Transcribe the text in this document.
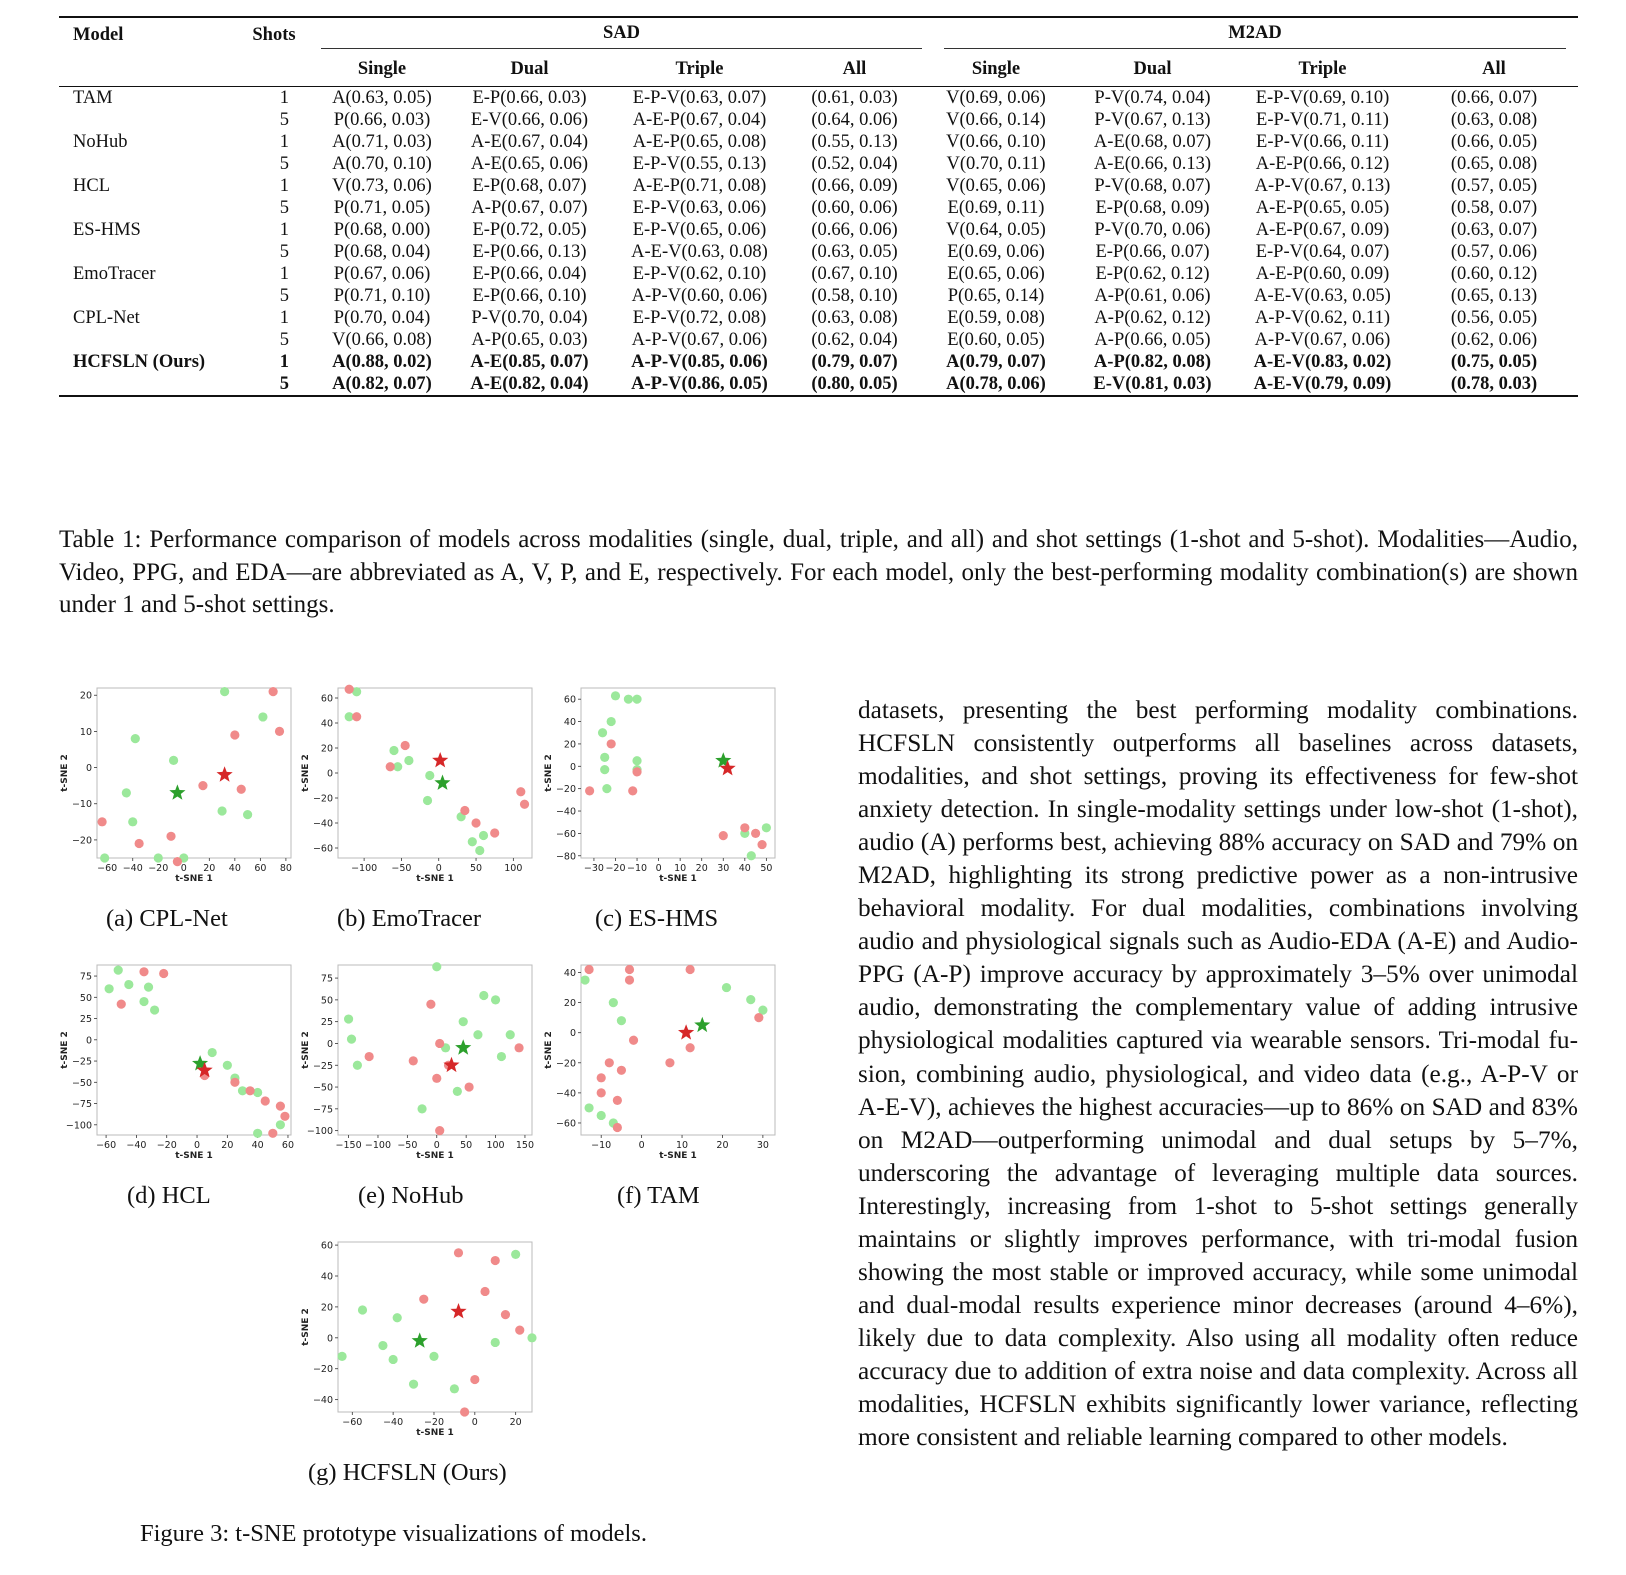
Model	Shots	SAD				M2AD			

		Single	Dual	Triple	All	Single	Dual	Triple	All
TAM	1	A(0.63, 0.05)	E-P(0.66, 0.03)	E-P-V(0.63, 0.07)	(0.61, 0.03)	V(0.69, 0.06)	P-V(0.74, 0.04)	E-P-V(0.69, 0.10)	(0.66, 0.07)
	5	P(0.66, 0.03)	E-V(0.66, 0.06)	A-E-P(0.67, 0.04)	(0.64, 0.06)	V(0.66, 0.14)	P-V(0.67, 0.13)	E-P-V(0.71, 0.11)	(0.63, 0.08)
NoHub	1	A(0.71, 0.03)	A-E(0.67, 0.04)	A-E-P(0.65, 0.08)	(0.55, 0.13)	V(0.66, 0.10)	A-E(0.68, 0.07)	E-P-V(0.66, 0.11)	(0.66, 0.05)
	5	A(0.70, 0.10)	A-E(0.65, 0.06)	E-P-V(0.55, 0.13)	(0.52, 0.04)	V(0.70, 0.11)	A-E(0.66, 0.13)	A-E-P(0.66, 0.12)	(0.65, 0.08)
HCL	1	V(0.73, 0.06)	E-P(0.68, 0.07)	A-E-P(0.71, 0.08)	(0.66, 0.09)	V(0.65, 0.06)	P-V(0.68, 0.07)	A-P-V(0.67, 0.13)	(0.57, 0.05)
	5	P(0.71, 0.05)	A-P(0.67, 0.07)	E-P-V(0.63, 0.06)	(0.60, 0.06)	E(0.69, 0.11)	E-P(0.68, 0.09)	A-E-P(0.65, 0.05)	(0.58, 0.07)
ES-HMS	1	P(0.68, 0.00)	E-P(0.72, 0.05)	E-P-V(0.65, 0.06)	(0.66, 0.06)	V(0.64, 0.05)	P-V(0.70, 0.06)	A-E-P(0.67, 0.09)	(0.63, 0.07)
	5	P(0.68, 0.04)	E-P(0.66, 0.13)	A-E-V(0.63, 0.08)	(0.63, 0.05)	E(0.69, 0.06)	E-P(0.66, 0.07)	E-P-V(0.64, 0.07)	(0.57, 0.06)
EmoTracer	1	P(0.67, 0.06)	E-P(0.66, 0.04)	E-P-V(0.62, 0.10)	(0.67, 0.10)	E(0.65, 0.06)	E-P(0.62, 0.12)	A-E-P(0.60, 0.09)	(0.60, 0.12)
	5	P(0.71, 0.10)	E-P(0.66, 0.10)	A-P-V(0.60, 0.06)	(0.58, 0.10)	P(0.65, 0.14)	A-P(0.61, 0.06)	A-E-V(0.63, 0.05)	(0.65, 0.13)
CPL-Net	1	P(0.70, 0.04)	P-V(0.70, 0.04)	E-P-V(0.72, 0.08)	(0.63, 0.08)	E(0.59, 0.08)	A-P(0.62, 0.12)	A-P-V(0.62, 0.11)	(0.56, 0.05)
	5	V(0.66, 0.08)	A-P(0.65, 0.03)	A-P-V(0.67, 0.06)	(0.62, 0.04)	E(0.60, 0.05)	A-P(0.66, 0.05)	A-P-V(0.67, 0.06)	(0.62, 0.06)
HCFSLN (Ours)	1	A(0.88, 0.02)	A-E(0.85, 0.07)	A-P-V(0.85, 0.06)	(0.79, 0.07)	A(0.79, 0.07)	A-P(0.82, 0.08)	A-E-V(0.83, 0.02)	(0.75, 0.05)
	5	A(0.82, 0.07)	A-E(0.82, 0.04)	A-P-V(0.86, 0.05)	(0.80, 0.05)	A(0.78, 0.06)	E-V(0.81, 0.03)	A-E-V(0.79, 0.09)	(0.78, 0.03)
Table 1: Performance comparison of models across modalities (single, dual, triple, and all) and shot settings (1-shot and 5-shot). Modalities—Audio, Video, PPG, and EDA—are abbreviated as A, V, P, and E, respectively. For each model, only the best-performing modality combination(s) are shown under 1 and 5-shot settings.
−60 −40 −20 0 20 40 60 80
−20
−10
0
10
20
t-SNE 1
t-SNE 2
(a) CPL-Net
−100 −50	0	50 100
−60
−40
−20
0
20
40
60
t-SNE 1
t-SNE 2
(b) EmoTracer
−30 −20 −10 0 10 20 30 40 50
−80
−60
−40
−20
0
20
40
60
t-SNE 1
t-SNE 2
(c) ES-HMS
−60 −40 −20 0 20 40 60
−100
−75
−50
−25
0
25
50
75
t-SNE 1
t-SNE 2
(d) HCL
−150 −100 −50 0 50 100 150
−100
−75
−50
−25
0
25
50
75
t-SNE 1
t-SNE 2
(e) NoHub
−10	0	10	20	30
−60
−40
−20
0
20
40
t-SNE 1
t-SNE 2
(f) TAM
−60 −40 −20	0	20
−40
−20
0
20
40
60
t-SNE 1
t-SNE 2
(g) HCFSLN (Ours)
Figure 3: t-SNE prototype visualizations of models.
datasets, presenting the best performing modality combinations. HCFSLN consistently outperforms all baselines across datasets, modalities, and shot settings, proving its effectiveness for few-shot anxiety detection. In single-modality settings under low-shot (1-shot), audio (A) performs best, achieving 88% accuracy on SAD and 79% on M2AD, highlighting its strong predictive power as a non-intrusive behavioral modality. For dual modalities, combinations involving audio and physiological signals such as Audio-EDA (A-E) and Audio-PPG (A-P) improve accuracy by approximately 3–5% over unimodal audio, demonstrating the complementary value of adding intrusive physiological modalities captured via wearable sensors. Tri-modal fusion, combining audio, physiological, and video data (e.g., A-P-V or A-E-V), achieves the highest accuracies—up to 86% on SAD and 83% on M2AD—outperforming unimodal and dual setups by 5–7%, underscoring the advantage of leveraging multiple data sources. Interestingly, increasing from 1-shot to 5-shot settings generally maintains or slightly improves performance, with tri-modal fusion showing the most stable or improved accuracy, while some unimodal and dual-modal results experience minor decreases (around 4–6%), likely due to data complexity. Also using all modality often reduce accuracy due to addition of extra noise and data complexity. Across all modalities, HCFSLN exhibits significantly lower variance, reflecting more consistent and reliable learning compared to other models.
